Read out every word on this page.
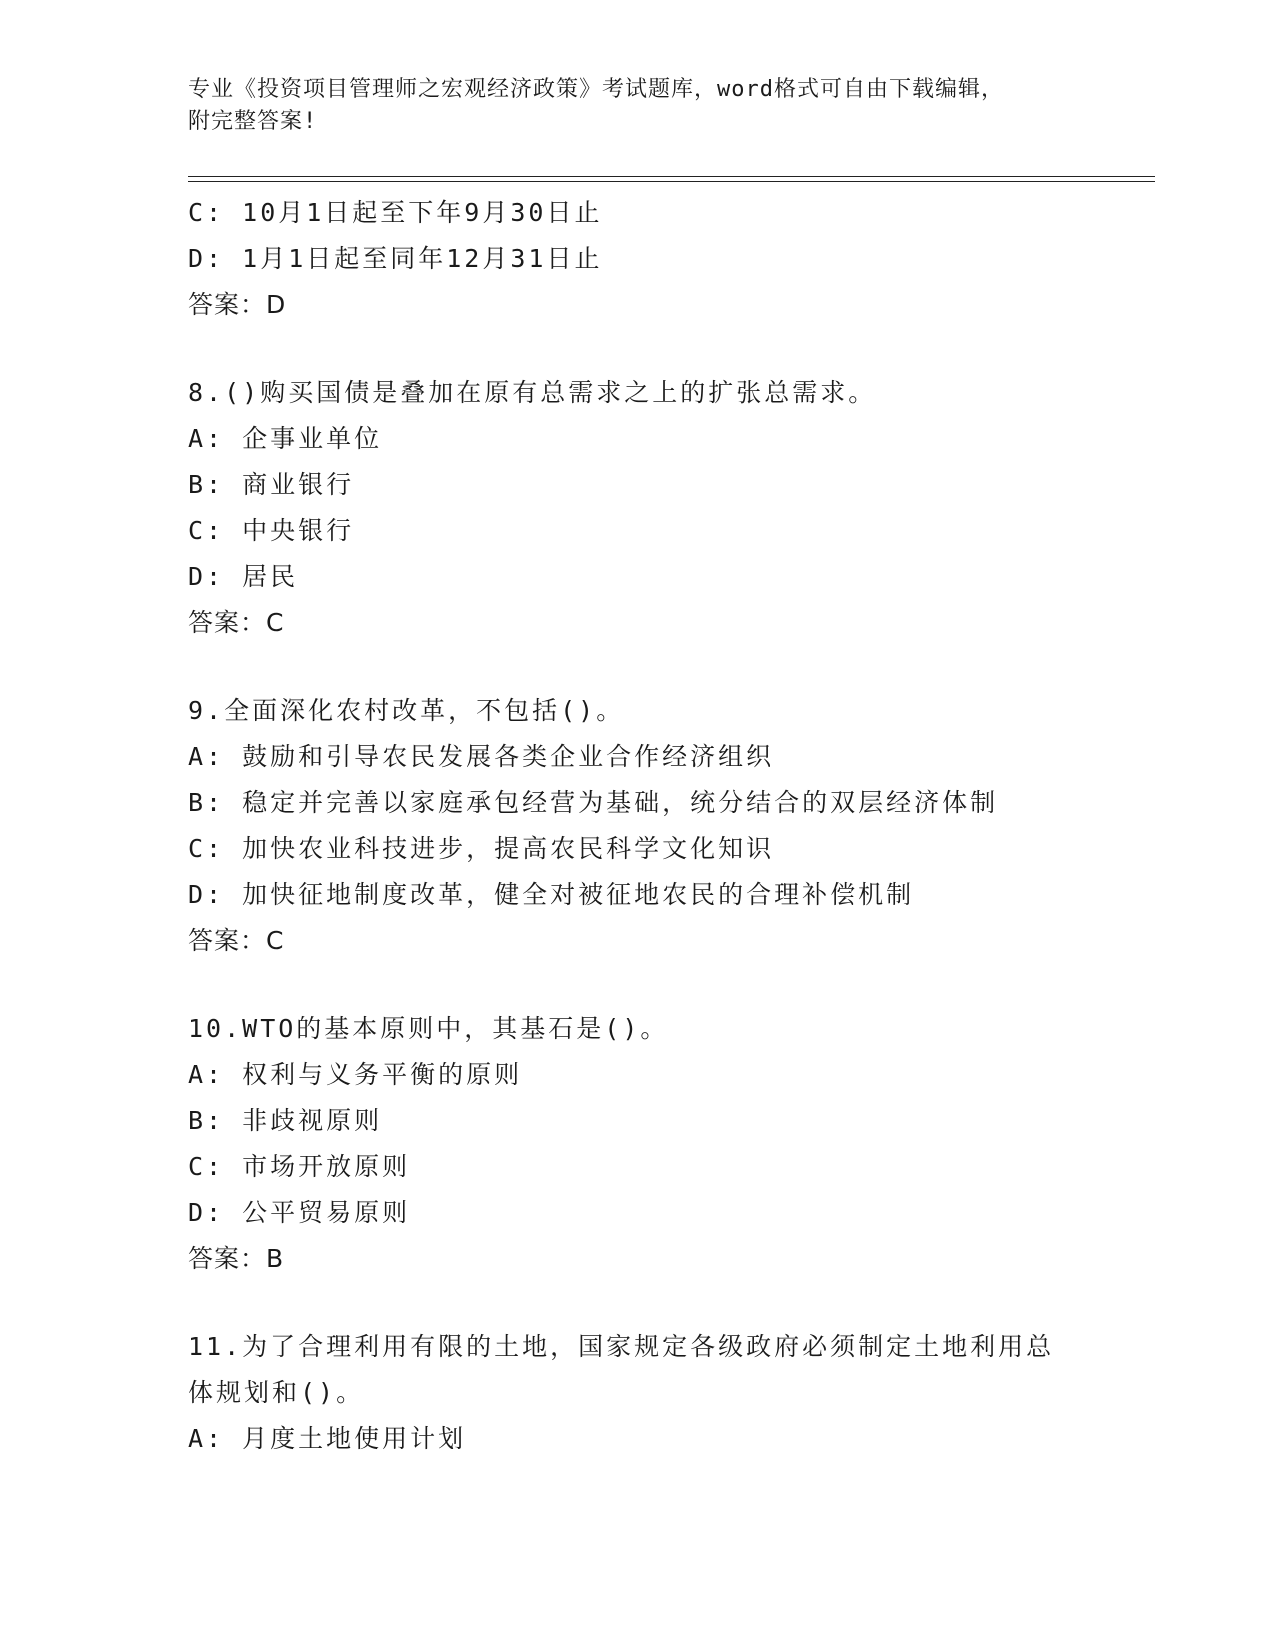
专业《投资项目管理师之宏观经济政策》考试题库，word格式可自由下载编辑，
附完整答案!
C: 10月1日起至下年9月30日止
D: 1月1日起至同年12月31日止
答案：D
8.()购买国债是叠加在原有总需求之上的扩张总需求。
A: 企事业单位
B: 商业银行
C: 中央银行
D: 居民
答案：C
9.全面深化农村改革，不包括()。
A: 鼓励和引导农民发展各类企业合作经济组织
B: 稳定并完善以家庭承包经营为基础，统分结合的双层经济体制
C: 加快农业科技进步，提高农民科学文化知识
D: 加快征地制度改革，健全对被征地农民的合理补偿机制
答案：C
10.WTO的基本原则中，其基石是()。
A: 权利与义务平衡的原则
B: 非歧视原则
C: 市场开放原则
D: 公平贸易原则
答案：B
11.为了合理利用有限的土地，国家规定各级政府必须制定土地利用总
体规划和()。
A: 月度土地使用计划
